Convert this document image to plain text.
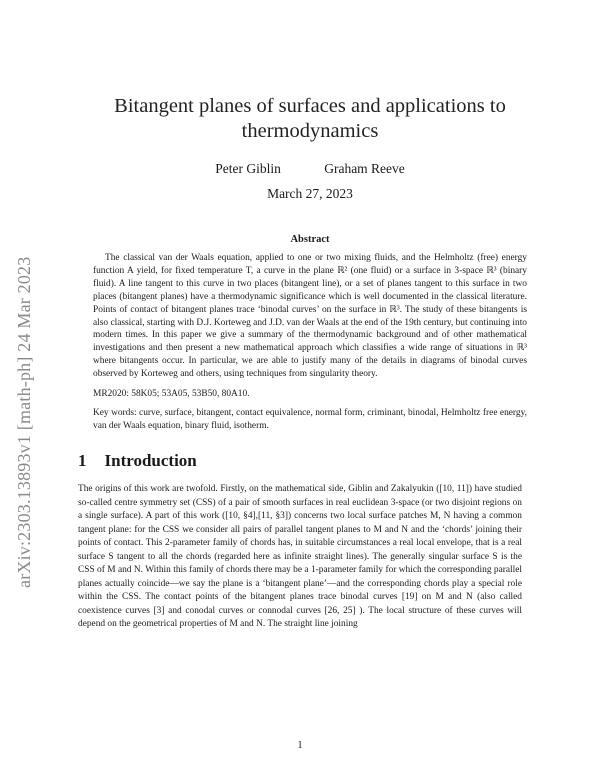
arXiv:2303.13893v1 [math-ph] 24 Mar 2023
Bitangent planes of surfaces and applications to thermodynamics
Peter Giblin	Graham Reeve
March 27, 2023
Abstract
The classical van der Waals equation, applied to one or two mixing fluids, and the Helmholtz (free) energy function A yield, for fixed temperature T, a curve in the plane ℝ² (one fluid) or a surface in 3-space ℝ³ (binary fluid). A line tangent to this curve in two places (bitangent line), or a set of planes tangent to this surface in two places (bitangent planes) have a thermodynamic significance which is well documented in the classical literature. Points of contact of bitangent planes trace ‘binodal curves’ on the surface in ℝ³. The study of these bitangents is also classical, starting with D.J. Korteweg and J.D. van der Waals at the end of the 19th century, but continuing into modern times. In this paper we give a summary of the thermodynamic background and of other mathematical investigations and then present a new mathematical approach which classifies a wide range of situations in ℝ³ where bitangents occur. In particular, we are able to justify many of the details in diagrams of binodal curves observed by Korteweg and others, using techniques from singularity theory.
MR2020: 58K05; 53A05, 53B50, 80A10.
Key words: curve, surface, bitangent, contact equivalence, normal form, criminant, binodal, Helmholtz free energy, van der Waals equation, binary fluid, isotherm.
1 Introduction
The origins of this work are twofold. Firstly, on the mathematical side, Giblin and Zakalyukin ([10, 11]) have studied so-called centre symmetry set (CSS) of a pair of smooth surfaces in real euclidean 3-space (or two disjoint regions on a single surface). A part of this work ([10, §4],[11, §3]) concerns two local surface patches M, N having a common tangent plane: for the CSS we consider all pairs of parallel tangent planes to M and N and the ‘chords’ joining their points of contact. This 2-parameter family of chords has, in suitable circumstances a real local envelope, that is a real surface S tangent to all the chords (regarded here as infinite straight lines). The generally singular surface S is the CSS of M and N. Within this family of chords there may be a 1-parameter family for which the corresponding parallel planes actually coincide—we say the plane is a ‘bitangent plane’—and the corresponding chords play a special role within the CSS. The contact points of the bitangent planes trace binodal curves [19] on M and N (also called coexistence curves [3] and conodal curves or connodal curves [26, 25] ). The local structure of these curves will depend on the geometrical properties of M and N. The straight line joining
1
